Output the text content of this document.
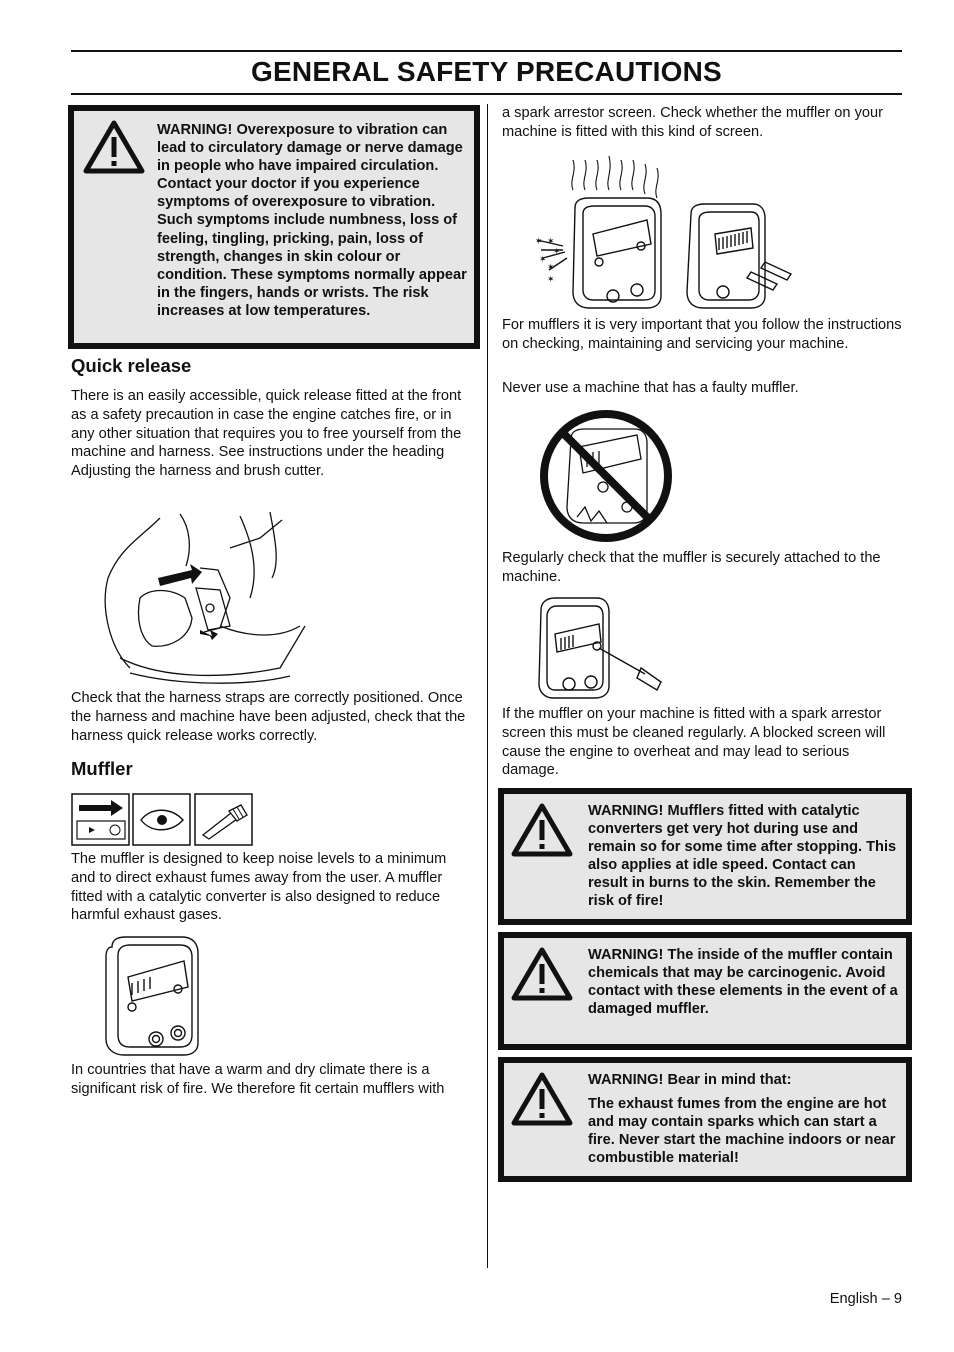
GENERAL SAFETY PRECAUTIONS
WARNING! Overexposure to vibration can lead to circulatory damage or nerve damage in people who have impaired circulation. Contact your doctor if you experience symptoms of overexposure to vibration. Such symptoms include numbness, loss of feeling, tingling, pricking, pain, loss of strength, changes in skin colour or condition. These symptoms normally appear in the fingers, hands or wrists. The risk increases at low temperatures.
Quick release

There is an easily accessible, quick release fitted at the front as a safety precaution in case the engine catches fire, or in any other situation that requires you to free yourself from the machine and harness. See instructions under the heading Adjusting the harness and brush cutter.

Check that the harness straps are correctly positioned. Once the harness and machine have been adjusted, check that the harness quick release works correctly.

Muffler

The muffler is designed to keep noise levels to a minimum and to direct exhaust fumes away from the user. A muffler fitted with a catalytic converter is also designed to reduce harmful exhaust gases.

In countries that have a warm and dry climate there is a significant risk of fire. We therefore fit certain mufflers with

a spark arrestor screen. Check whether the muffler on your machine is fitted with this kind of screen.

✶ ✶
✶
✶
✶
✶

For mufflers it is very important that you follow the instructions on checking, maintaining and servicing your machine.

Never use a machine that has a faulty muffler.

Regularly check that the muffler is securely attached to the machine.

If the muffler on your machine is fitted with a spark arrestor screen this must be cleaned regularly. A blocked screen will cause the engine to overheat and may lead to serious damage.

WARNING! Mufflers fitted with catalytic converters get very hot during use and remain so for some time after stopping. This also applies at idle speed. Contact can result in burns to the skin. Remember the risk of fire!
WARNING! The inside of the muffler contain chemicals that may be carcinogenic. Avoid contact with these elements in the event of a damaged muffler.

WARNING! Bear in mind that:

The exhaust fumes from the engine are hot and may contain sparks which can start a fire. Never start the machine indoors or near combustible material!

English – 9
